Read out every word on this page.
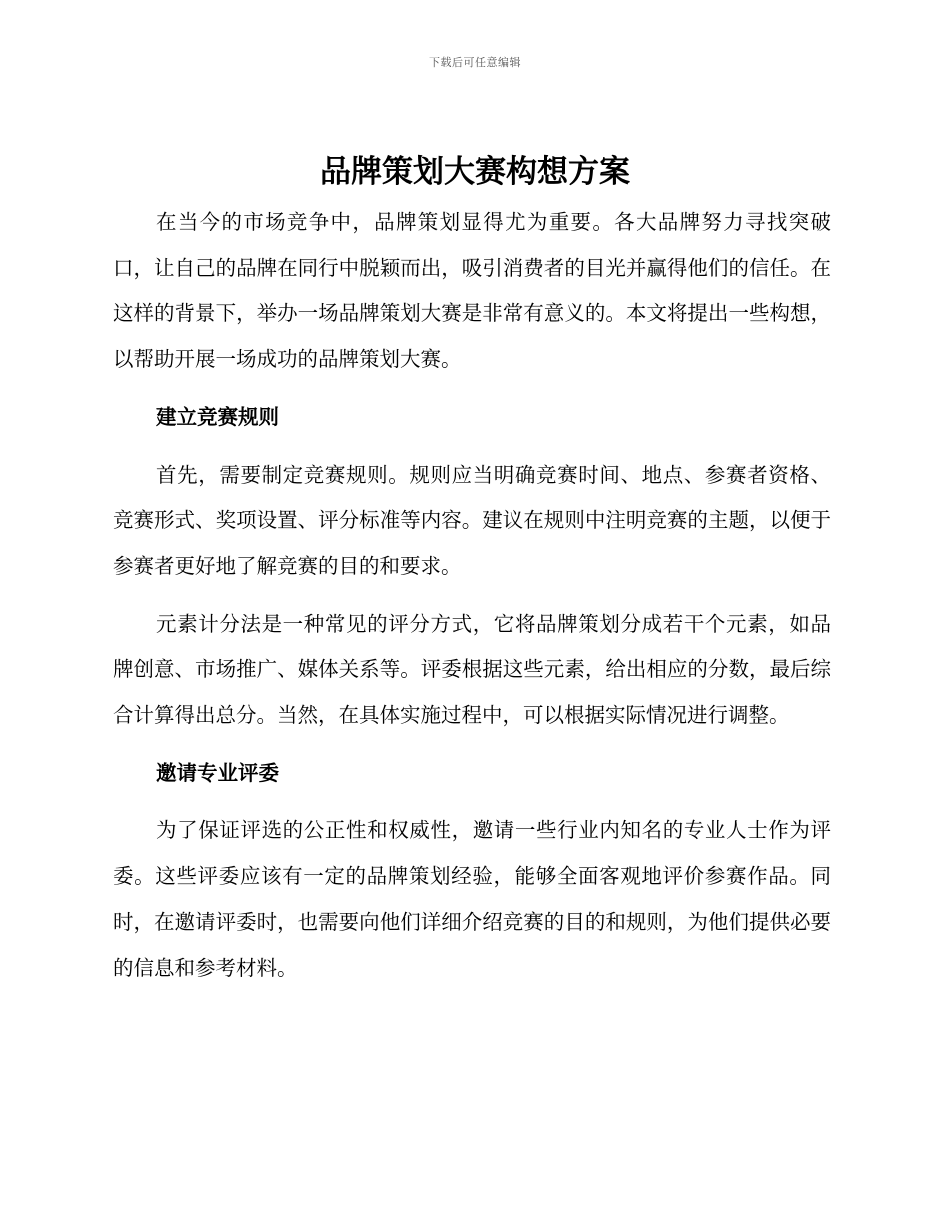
下载后可任意编辑
品牌策划大赛构想方案

在当今的市场竞争中，品牌策划显得尤为重要。各大品牌努力寻找突破口，让自己的品牌在同行中脱颖而出，吸引消费者的目光并赢得他们的信任。在这样的背景下，举办一场品牌策划大赛是非常有意义的。本文将提出一些构想，以帮助开展一场成功的品牌策划大赛。

建立竞赛规则

首先，需要制定竞赛规则。规则应当明确竞赛时间、地点、参赛者资格、竞赛形式、奖项设置、评分标准等内容。建议在规则中注明竞赛的主题，以便于参赛者更好地了解竞赛的目的和要求。

元素计分法是一种常见的评分方式，它将品牌策划分成若干个元素，如品牌创意、市场推广、媒体关系等。评委根据这些元素，给出相应的分数，最后综合计算得出总分。当然，在具体实施过程中，可以根据实际情况进行调整。

邀请专业评委

为了保证评选的公正性和权威性，邀请一些行业内知名的专业人士作为评委。这些评委应该有一定的品牌策划经验，能够全面客观地评价参赛作品。同时，在邀请评委时，也需要向他们详细介绍竞赛的目的和规则，为他们提供必要的信息和参考材料。
